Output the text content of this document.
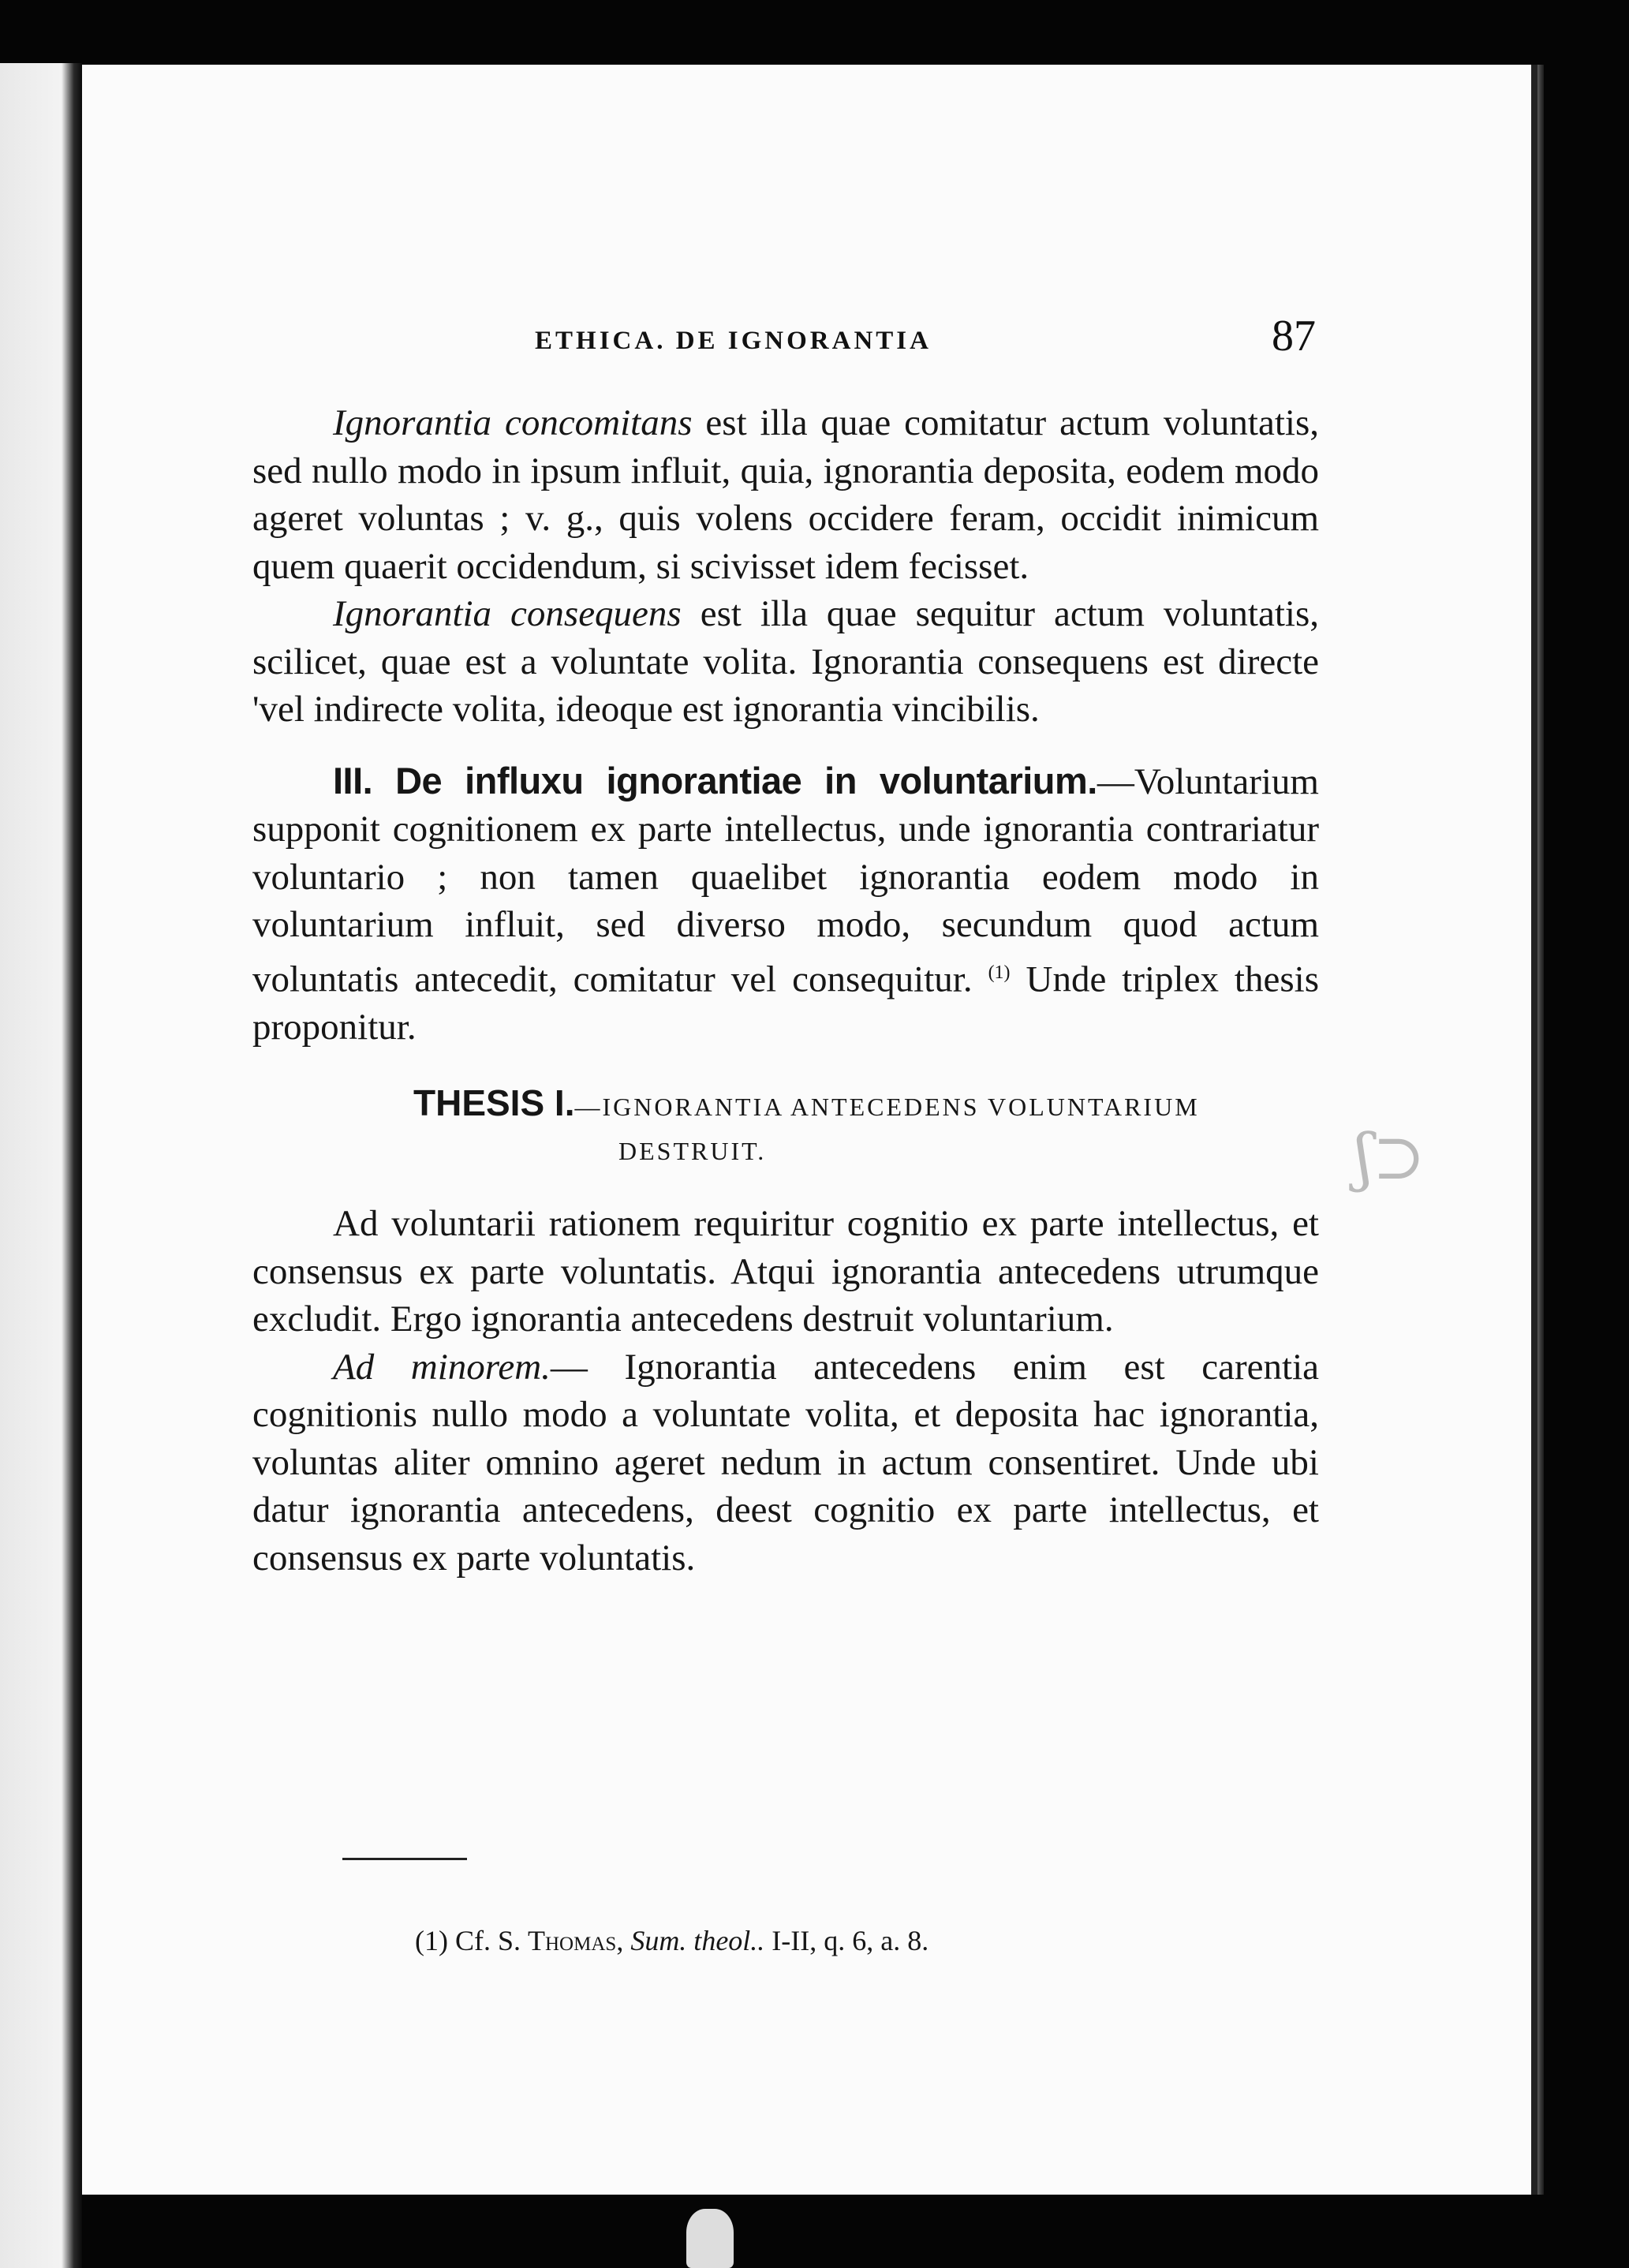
ETHICA. DE IGNORANTIA	87

Ignorantia concomitans est illa quae comitatur actum voluntatis, sed nullo modo in ipsum influit, quia, ignorantia deposita, eodem modo ageret voluntas ; v. g., quis volens occidere feram, occidit inimicum quem quaerit occidendum, si scivisset idem fecisset.

Ignorantia consequens est illa quae sequitur actum voluntatis, scilicet, quae est a voluntate volita. Ignorantia consequens est directe 'vel indirecte volita, ideoque est ignorantia vincibilis.

III. De influxu ignorantiae in voluntarium.—Voluntarium supponit cognitionem ex parte intellectus, unde ignorantia contrariatur voluntario ; non tamen quaelibet ignorantia eodem modo in voluntarium influit, sed diverso modo, secundum quod actum voluntatis antecedit, comitatur vel consequitur. $^{(1)}$ Unde triplex thesis proponitur.

THESIS I.—IGNORANTIA ANTECEDENS VOLUNTARIUM
DESTRUIT.

Ad voluntarii rationem requiritur cognitio ex parte intellectus, et consensus ex parte voluntatis. Atqui ignorantia antecedens utrumque excludit. Ergo ignorantia antecedens destruit voluntarium.

Ad minorem.— Ignorantia antecedens enim est carentia cognitionis nullo modo a voluntate volita, et deposita hac ignorantia, voluntas aliter omnino ageret nedum in actum consentiret. Unde ubi datur ignorantia antecedens, deest cognitio ex parte intellectus, et consensus ex parte voluntatis.

(1) Cf. S. Thomas, Sum. theol.. I-II, q. 6, a. 8.
ʃ⊃
